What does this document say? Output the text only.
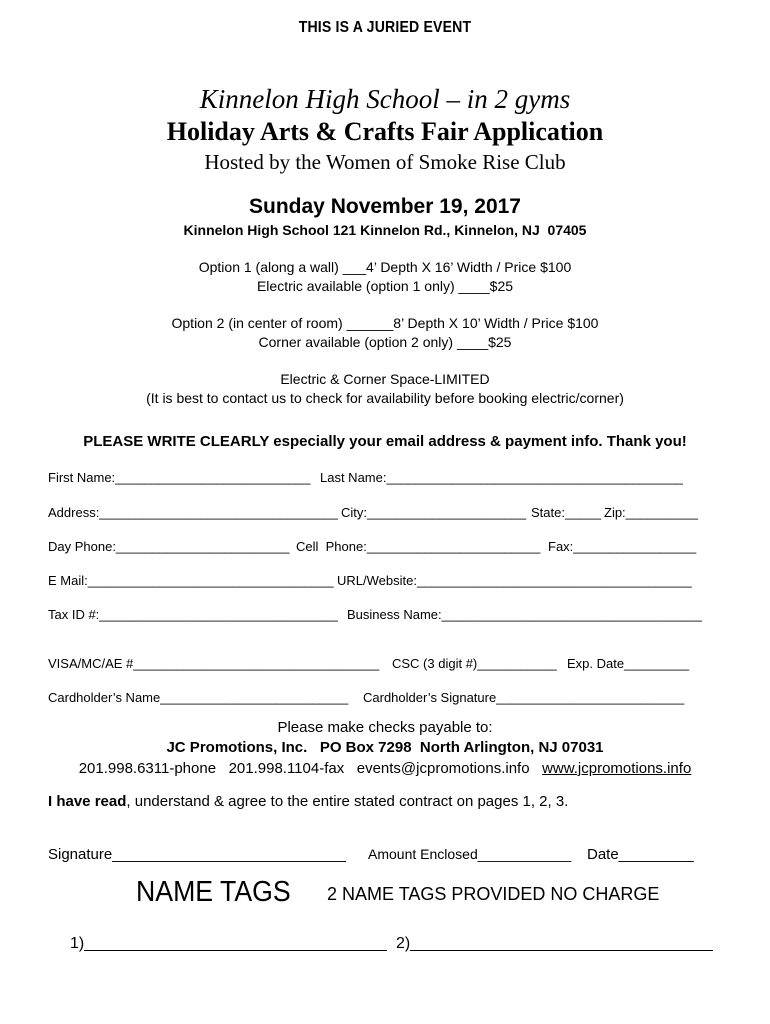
THIS IS A JURIED EVENT
Kinnelon High School – in 2 gyms
Holiday Arts & Crafts Fair Application
Hosted by the Women of Smoke Rise Club
Sunday November 19, 2017
Kinnelon High School 121 Kinnelon Rd., Kinnelon, NJ  07405
Option 1 (along a wall) ___4’ Depth X 16’ Width / Price $100
Electric available (option 1 only) ____$25
Option 2 (in center of room) ______8’ Depth X 10’ Width / Price $100
Corner available (option 2 only) ____$25
Electric & Corner Space-LIMITED
(It is best to contact us to check for availability before booking electric/corner)
PLEASE WRITE CLEARLY especially your email address & payment info. Thank you!
First Name:___________________________ Last Name:_________________________________________
Address:_________________________________ City:______________________ State:_____ Zip:__________
Day Phone:________________________ Cell  Phone:________________________ Fax:_________________
E Mail:__________________________________ URL/Website:______________________________________
Tax ID #:_________________________________ Business Name:____________________________________
VISA/MC/AE #__________________________________ CSC (3 digit #)___________ Exp. Date_________
Cardholder’s Name__________________________ Cardholder’s Signature__________________________
Please make checks payable to:
JC Promotions, Inc.   PO Box 7298  North Arlington, NJ 07031
201.998.6311-phone 201.998.1104-fax events@jcpromotions.info www.jcpromotions.info
I have read, understand & agree to the entire stated contract on pages 1, 2, 3.
Signature____________________________ Amount Enclosed____________ Date_________
NAME TAGS 2 NAME TAGS PROVIDED NO CHARGE
1)__________________________________ 2)__________________________________
